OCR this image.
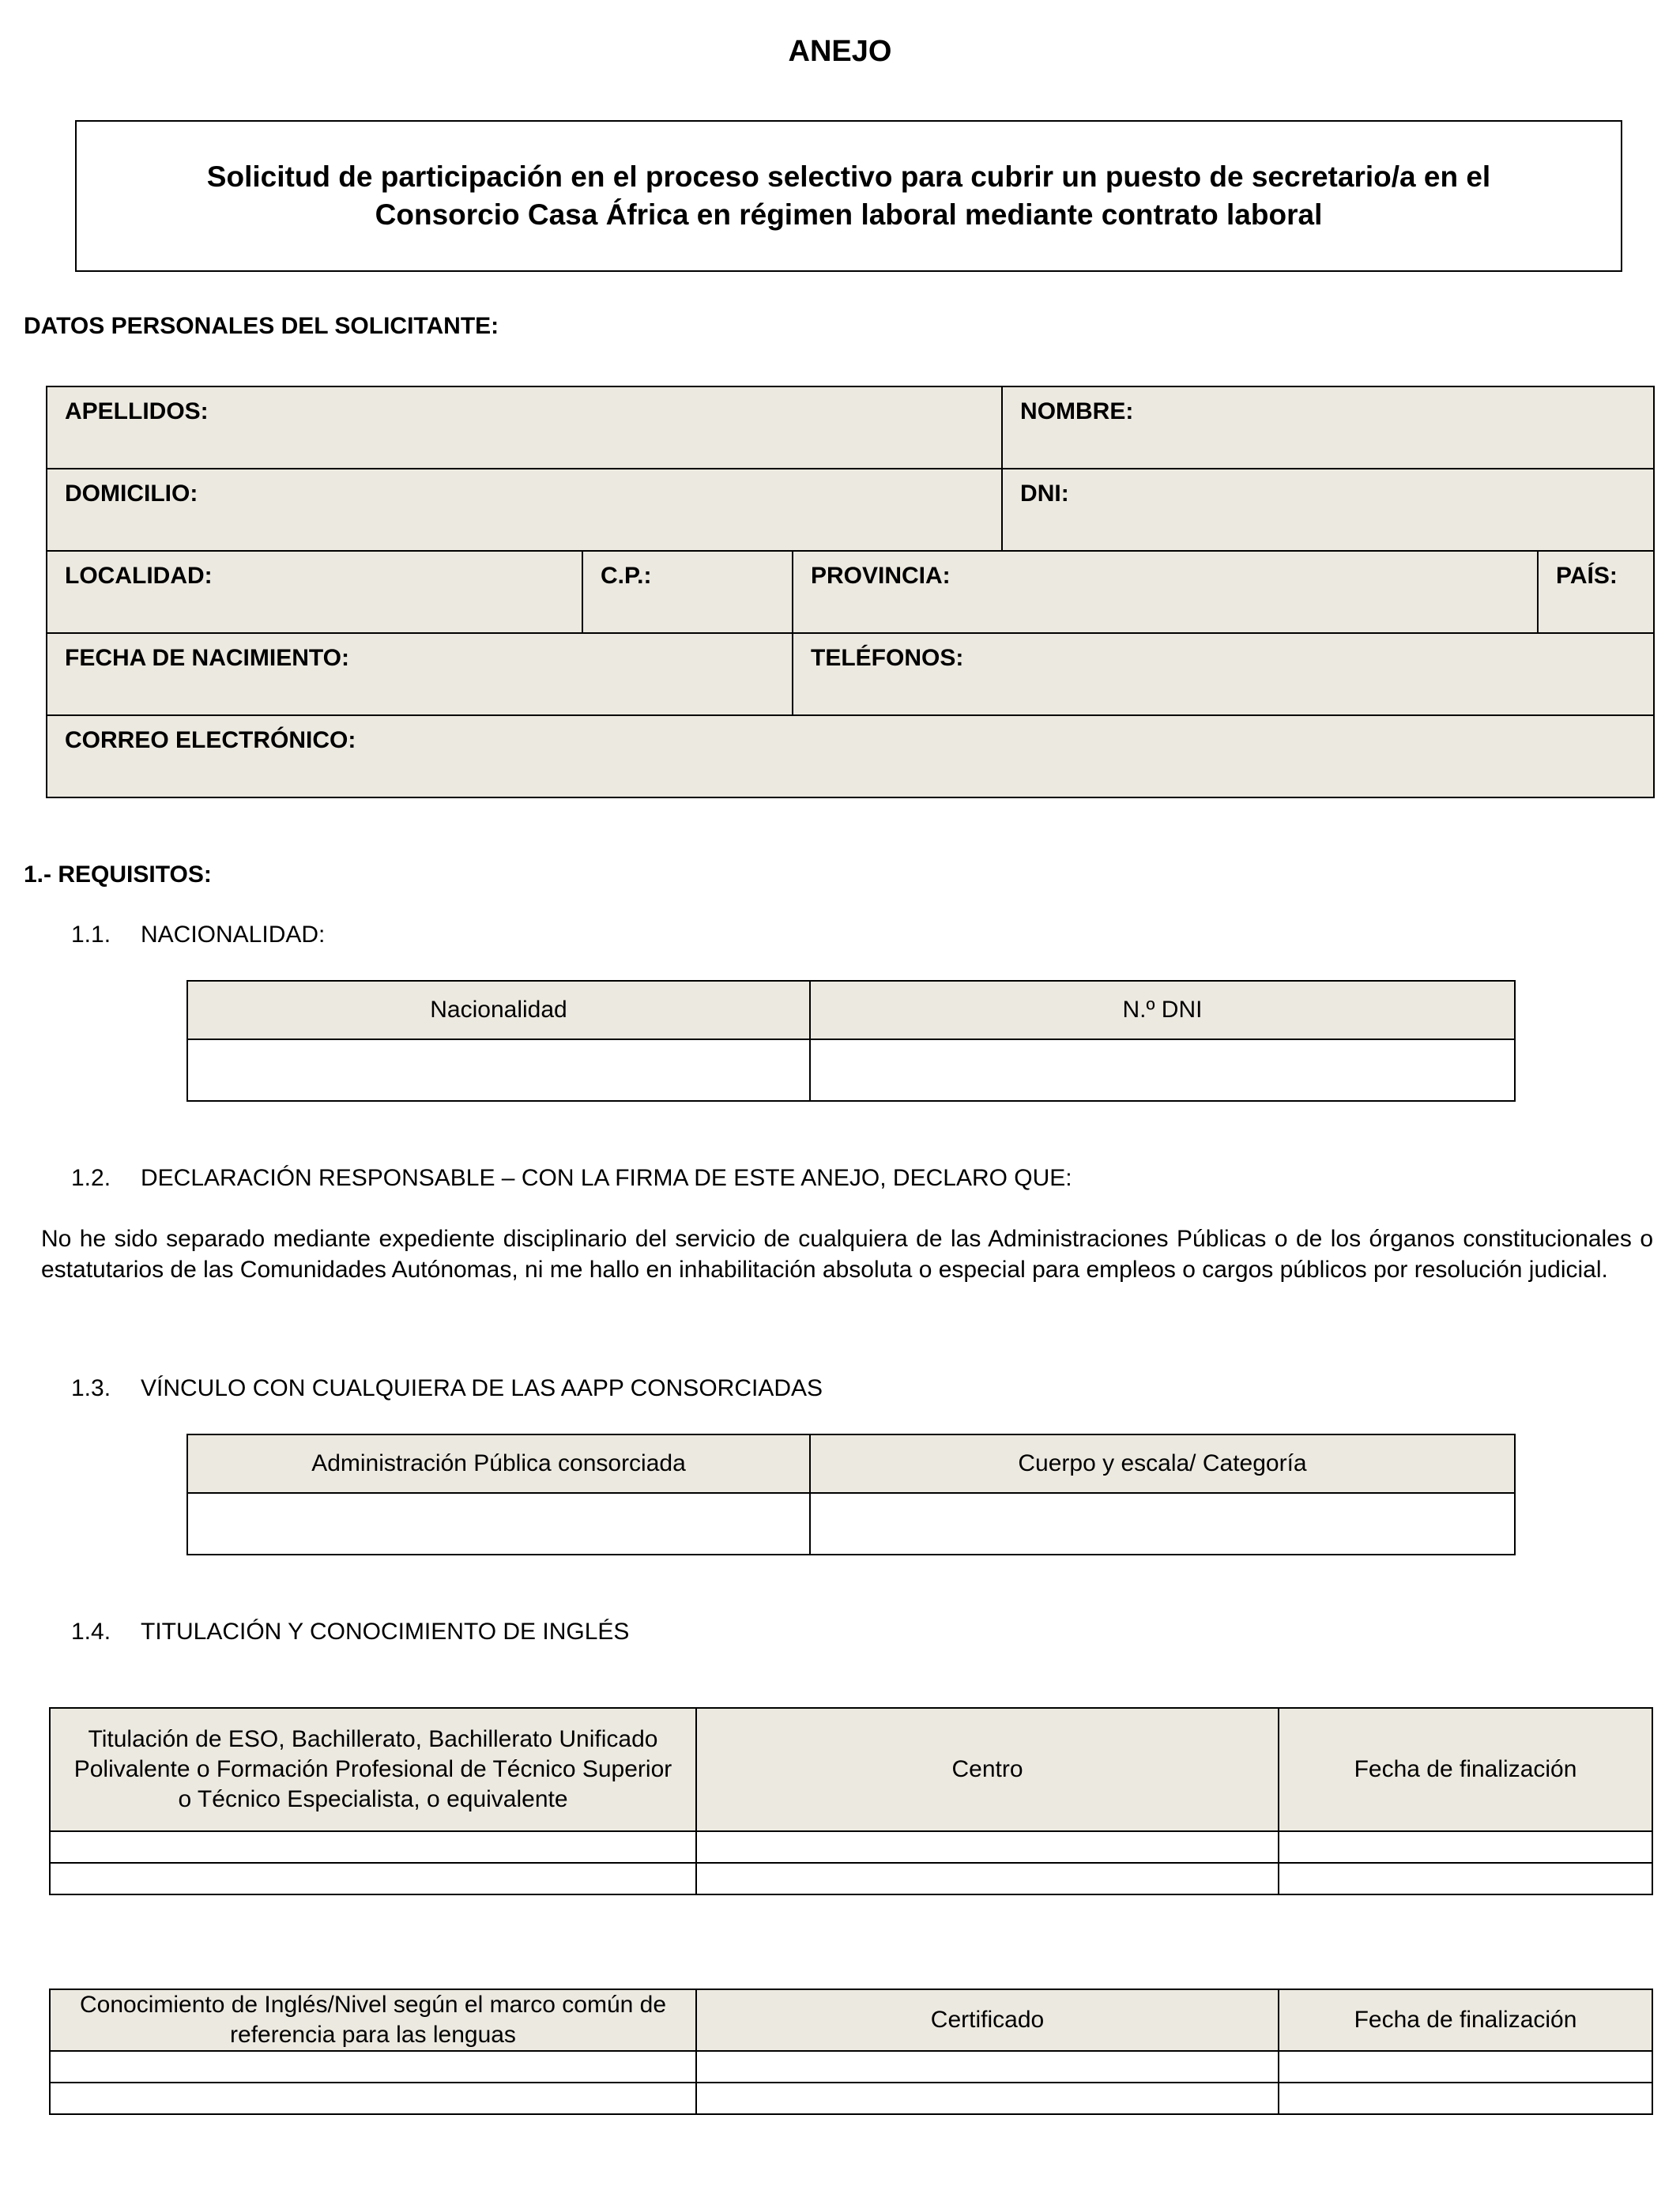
ANEJO
Solicitud de participación en el proceso selectivo para cubrir un puesto de secretario/a en el
Consorcio Casa África en régimen laboral mediante contrato laboral
DATOS PERSONALES DEL SOLICITANTE:
APELLIDOS:			NOMBRE:	
DOMICILIO:			DNI:	
LOCALIDAD:	C.P.:	PROVINCIA:		PAÍS:
FECHA DE NACIMIENTO:		TELÉFONOS:		
CORREO ELECTRÓNICO:				
1.- REQUISITOS:
1.1. NACIONALIDAD:
Nacionalidad	N.º DNI

1.2. DECLARACIÓN RESPONSABLE – CON LA FIRMA DE ESTE ANEJO, DECLARO QUE:
No he sido separado mediante expediente disciplinario del servicio de cualquiera de las Administraciones Públicas o de los órganos constitucionales o estatutarios de las Comunidades Autónomas, ni me hallo en inhabilitación absoluta o especial para empleos o cargos públicos por resolución judicial.
1.3. VÍNCULO CON CUALQUIERA DE LAS AAPP CONSORCIADAS
Administración Pública consorciada	Cuerpo y escala/ Categoría

1.4. TITULACIÓN Y CONOCIMIENTO DE INGLÉS
Titulación de ESO, Bachillerato, Bachillerato Unificado Polivalente o Formación Profesional de Técnico Superior o Técnico Especialista, o equivalente	Centro	Fecha de finalización

Conocimiento de Inglés/Nivel según el marco común de referencia para las lenguas	Certificado	Fecha de finalización
